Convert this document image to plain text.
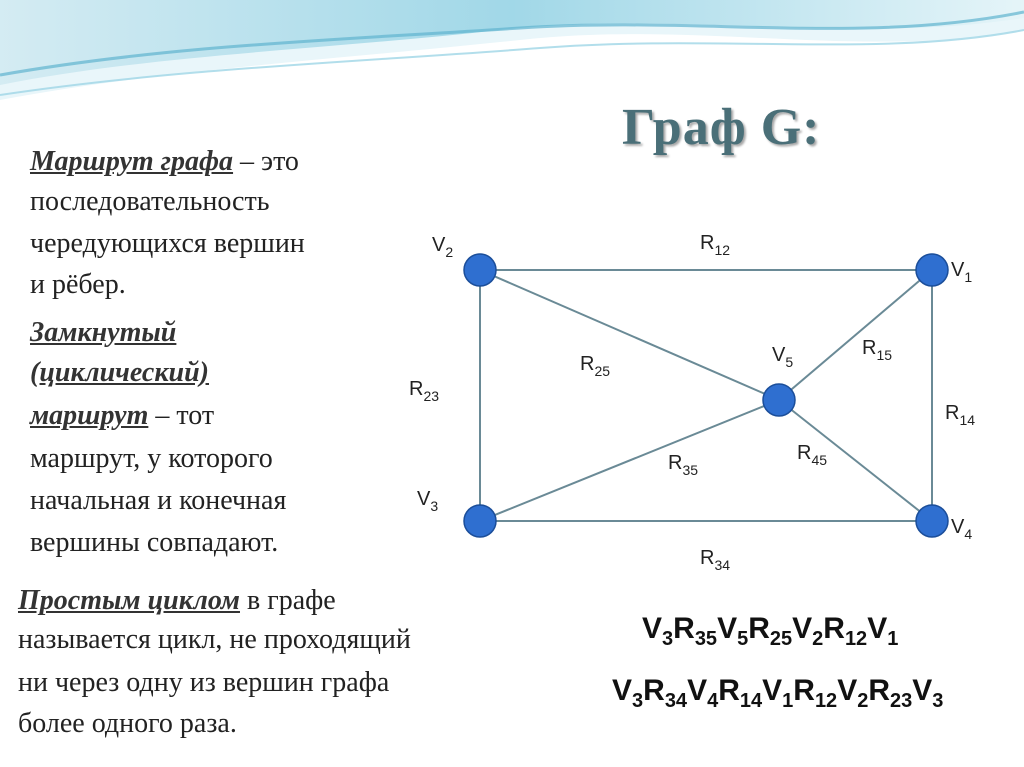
Граф G:
Маршрут графа – это
последовательность
чередующихся вершин
и рёбер.
Замкнутый
(циклический)
маршрут – тот
маршрут, у которого
начальная и конечная
вершины совпадают.
Простым циклом в графе
называется цикл, не проходящий
ни через одну из вершин графа
более одного раза.
$V_1$
$V_2$
$V_3$
$V_4$
$V_5$
$R_{12}$
$R_{25}$
$R_{15}$
$R_{23}$
$R_{14}$
$R_{35}$
$R_{45}$
$R_{34}$
$V_3R_{35}V_5R_{25}V_2R_{12}V_1$
$V_3R_{34}V_4R_{14}V_1R_{12}V_2R_{23}V_3$
